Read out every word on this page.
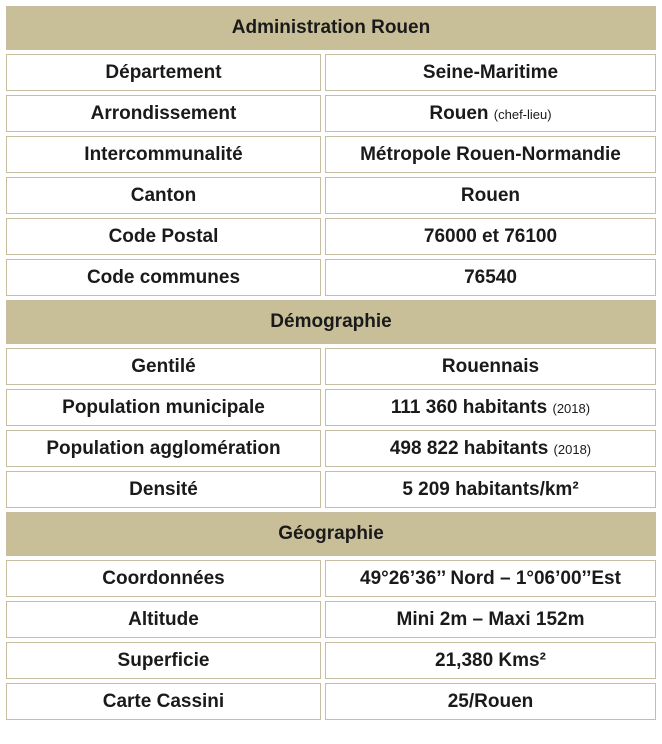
Administration Rouen	
Département	Seine-Maritime
Arrondissement	Rouen (chef-lieu)
Intercommunalité	Métropole Rouen-Normandie
Canton	Rouen
Code Postal	76000 et 76100
Code communes	76540
Démographie	
Gentilé	Rouennais
Population municipale	111 360 habitants (2018)
Population agglomération	498 822 habitants (2018)
Densité	5 209 habitants/km²
Géographie	
Coordonnées	49°26’36’’ Nord – 1°06’00’’Est
Altitude	Mini 2m – Maxi 152m
Superficie	21,380 Kms²
Carte Cassini	25/Rouen
